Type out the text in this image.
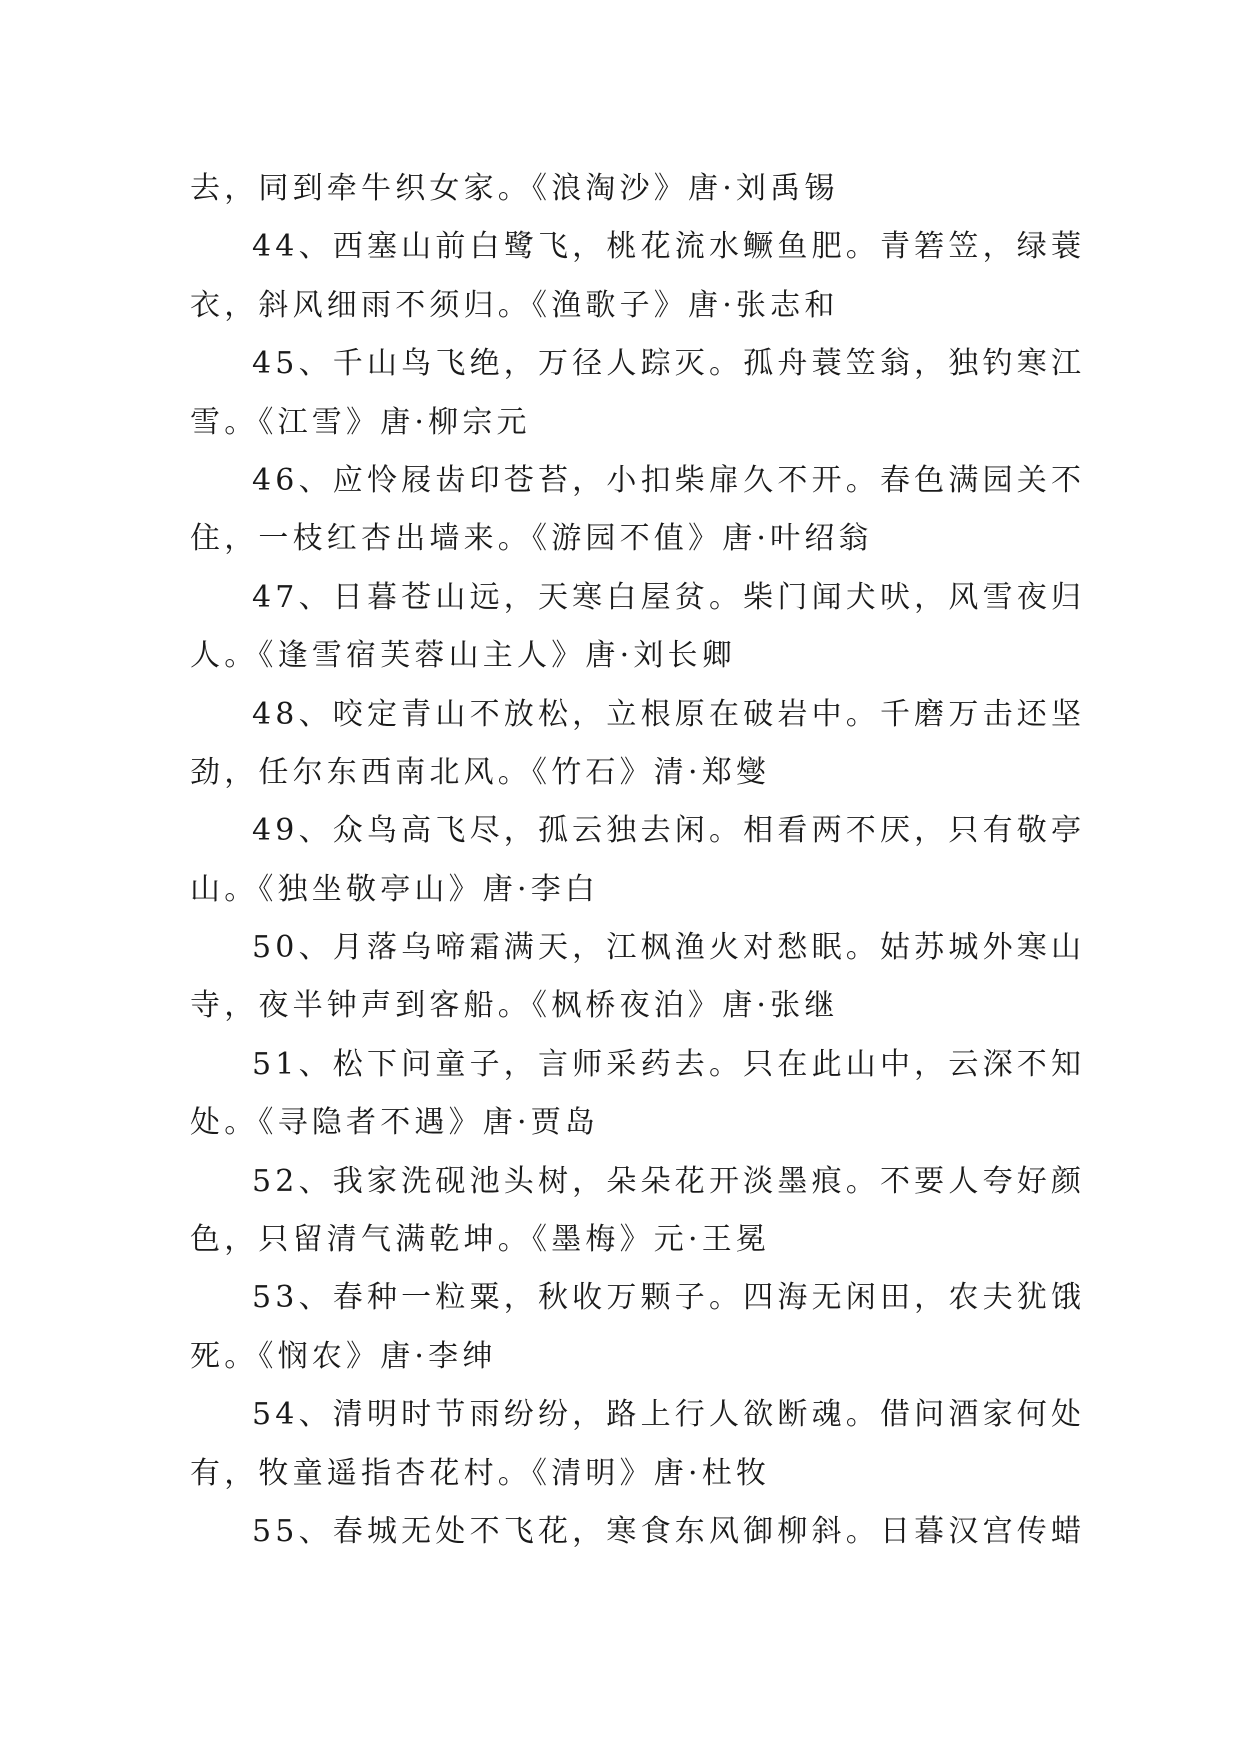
去，同到牵牛织女家。《浪淘沙》唐·刘禹锡
44、西塞山前白鹭飞，桃花流水鳜鱼肥。青箬笠，绿蓑
衣，斜风细雨不须归。《渔歌子》唐·张志和
45、千山鸟飞绝，万径人踪灭。孤舟蓑笠翁，独钓寒江
雪。《江雪》唐·柳宗元
46、应怜屐齿印苍苔，小扣柴扉久不开。春色满园关不
住，一枝红杏出墙来。《游园不值》唐·叶绍翁
47、日暮苍山远，天寒白屋贫。柴门闻犬吠，风雪夜归
人。《逢雪宿芙蓉山主人》唐·刘长卿
48、咬定青山不放松，立根原在破岩中。千磨万击还坚
劲，任尔东西南北风。《竹石》清·郑燮
49、众鸟高飞尽，孤云独去闲。相看两不厌，只有敬亭
山。《独坐敬亭山》唐·李白
50、月落乌啼霜满天，江枫渔火对愁眠。姑苏城外寒山
寺，夜半钟声到客船。《枫桥夜泊》唐·张继
51、松下问童子，言师采药去。只在此山中，云深不知
处。《寻隐者不遇》唐·贾岛
52、我家洗砚池头树，朵朵花开淡墨痕。不要人夸好颜
色，只留清气满乾坤。《墨梅》元·王冕
53、春种一粒粟，秋收万颗子。四海无闲田，农夫犹饿
死。《悯农》唐·李绅
54、清明时节雨纷纷，路上行人欲断魂。借问酒家何处
有，牧童遥指杏花村。《清明》唐·杜牧
55、春城无处不飞花，寒食东风御柳斜。日暮汉宫传蜡
